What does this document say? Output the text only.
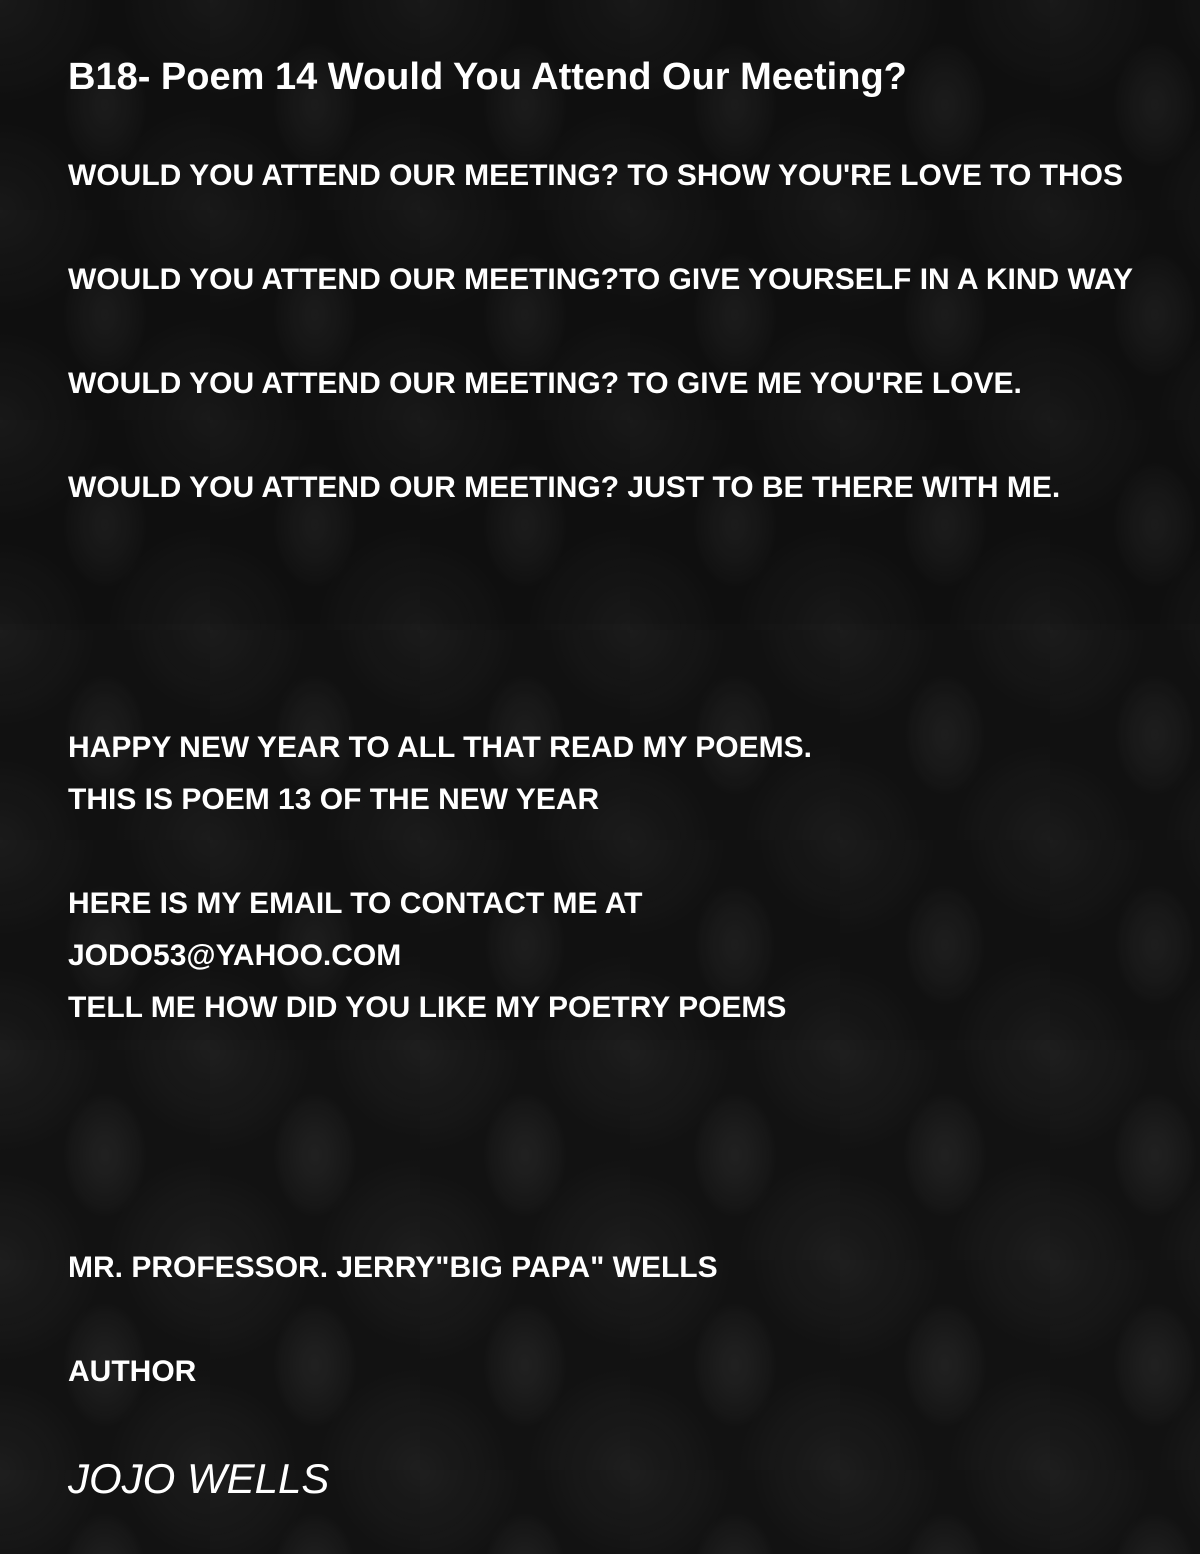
B18- Poem 14 Would You Attend Our Meeting?

WOULD YOU ATTEND OUR MEETING? TO SHOW YOU'RE LOVE TO THOS

WOULD YOU ATTEND OUR MEETING?TO GIVE YOURSELF IN A KIND WAY

WOULD YOU ATTEND OUR MEETING? TO GIVE ME YOU'RE LOVE.

WOULD YOU ATTEND OUR MEETING? JUST TO BE THERE WITH ME.

HAPPY NEW YEAR TO ALL THAT READ MY POEMS.

THIS IS POEM 13 OF THE NEW YEAR

HERE IS MY EMAIL TO CONTACT ME AT

JODO53@YAHOO.COM

TELL ME HOW DID YOU LIKE MY POETRY POEMS

MR. PROFESSOR. JERRY"BIG PAPA" WELLS

AUTHOR

JOJO WELLS
